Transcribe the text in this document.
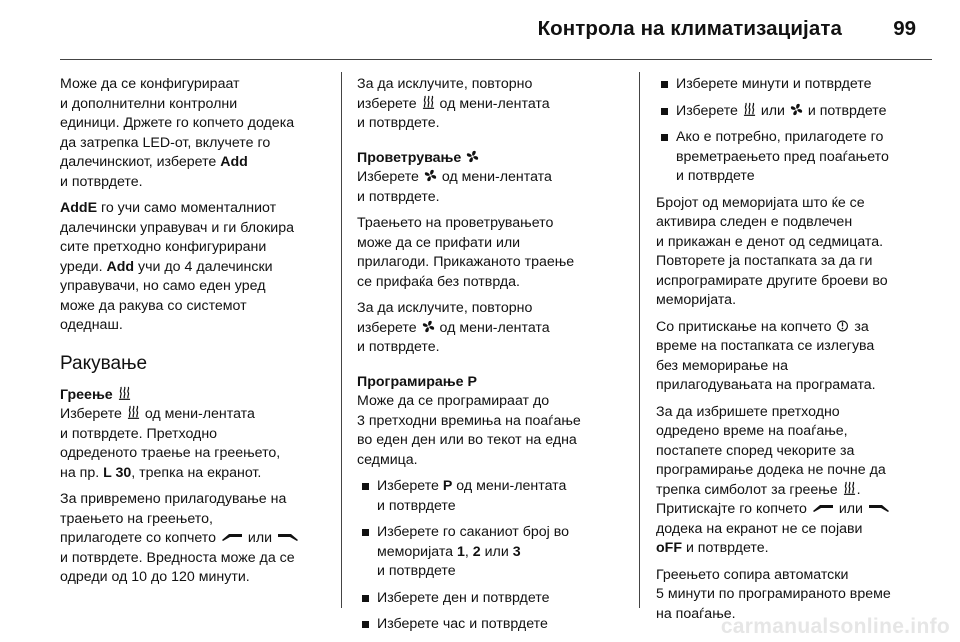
Контрола на климатизацијата 99

Може да се конфигурираат
и дополнителни контролни
единици. Држете го копчето додека
да затрепка LED-от, вклучете го
далечинскиот, изберете Add
и потврдете.

AddE го учи само моменталниот
далечински управувач и ги блокира
сите претходно конфигурирани
уреди. Add учи до 4 далечински
управувачи, но само еден уред
може да ракува со системот
одеднаш.

Ракување
Греење

Изберете
од мени-лентата
и потврдете. Претходно
одреденото траење на греењето,
на пр. L 30, трепка на екранот.

За привремено прилагодување на
траењето на греењето,
прилагодете со копчето
или
и потврдете. Вредноста може да се
одреди од 10 до 120 минути.

За да исклучите, повторно
изберете
од мени-лентата
и потврдете.

Проветрување

Изберете
од мени-лентата
и потврдете.

Траењето на проветрувањето
може да се прифати или
прилагоди. Прикажаното траење
се прифаќа без потврда.

За да исклучите, повторно
изберете
од мени-лентата
и потврдете.

Програмирање P

Може да се програмираат до
3 претходни времиња на поаѓање
во еден ден или во текот на една
седмица.

Изберете P од мени-лентата
и потврдете
Изберете го саканиот број во
меморијата 1, 2 или 3
и потврдете
Изберете ден и потврдете
Изберете час и потврдете
Изберете минути и потврдете
Изберете
или
и потврдете
Ако е потребно, прилагодете го
времетраењето пред поаѓањето
и потврдете

Бројот од меморијата што ќе се
активира следен е подвлечен
и прикажан е денот од седмицата.
Повторете ја постапката за да ги
испрограмирате другите броеви во
меморијата.

Со притискање на копчето
за
време на постапката се излегува
без меморирање на
прилагодувањата на програмата.

За да избришете претходно
одредено време на поаѓање,
постапете според чекорите за
програмирање додека не почне да
трепка симболот за греење
.
Притискајте го копчето
или
додека на екранот не се појави
oFF и потврдете.

Греењето сопира автоматски
5 минути по програмираното време
на поаѓање.

carmanualsonline.info
